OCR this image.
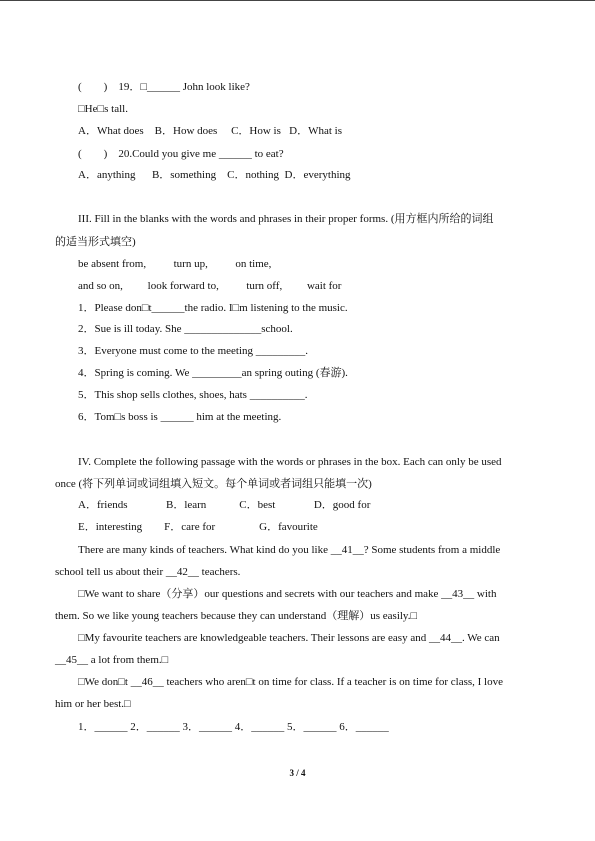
(        )    19．□______ John look like?
□He□s tall.
A．What does    B．How does     C．How is   D．What is
(        )    20.Could you give me ______ to eat?
A．anything      B．something    C．nothing  D．everything
III. Fill in the blanks with the words and phrases in their proper forms. (用方框内所给的词组
的适当形式填空)
be absent from,          turn up,          on time,
and so on,         look forward to,          turn off,         wait for
1．Please don□t______the radio. I□m listening to the music.
2．Sue is ill today. She ______________school.
3．Everyone must come to the meeting _________.
4．Spring is coming. We _________an spring outing (春游).
5．This shop sells clothes, shoes, hats __________.
6．Tom□s boss is ______ him at the meeting.
IV. Complete the following passage with the words or phrases in the box. Each can only be used
once (将下列单词或词组填入短文。每个单词或者词组只能填一次)
A．friends              B．learn            C．best              D．good for
E．interesting        F．care for                G．favourite
There are many kinds of teachers. What kind do you like __41__? Some students from a middle
school tell us about their __42__ teachers.
□We want to share（分享）our questions and secrets with our teachers and make __43__ with
them. So we like young teachers because they can understand（理解）us easily.□
□My favourite teachers are knowledgeable teachers. Their lessons are easy and __44__. We can
__45__ a lot from them.□
□We don□t __46__ teachers who aren□t on time for class. If a teacher is on time for class, I love
him or her best.□
1．______ 2．______ 3．______ 4．______ 5．______ 6．______
3 / 4
